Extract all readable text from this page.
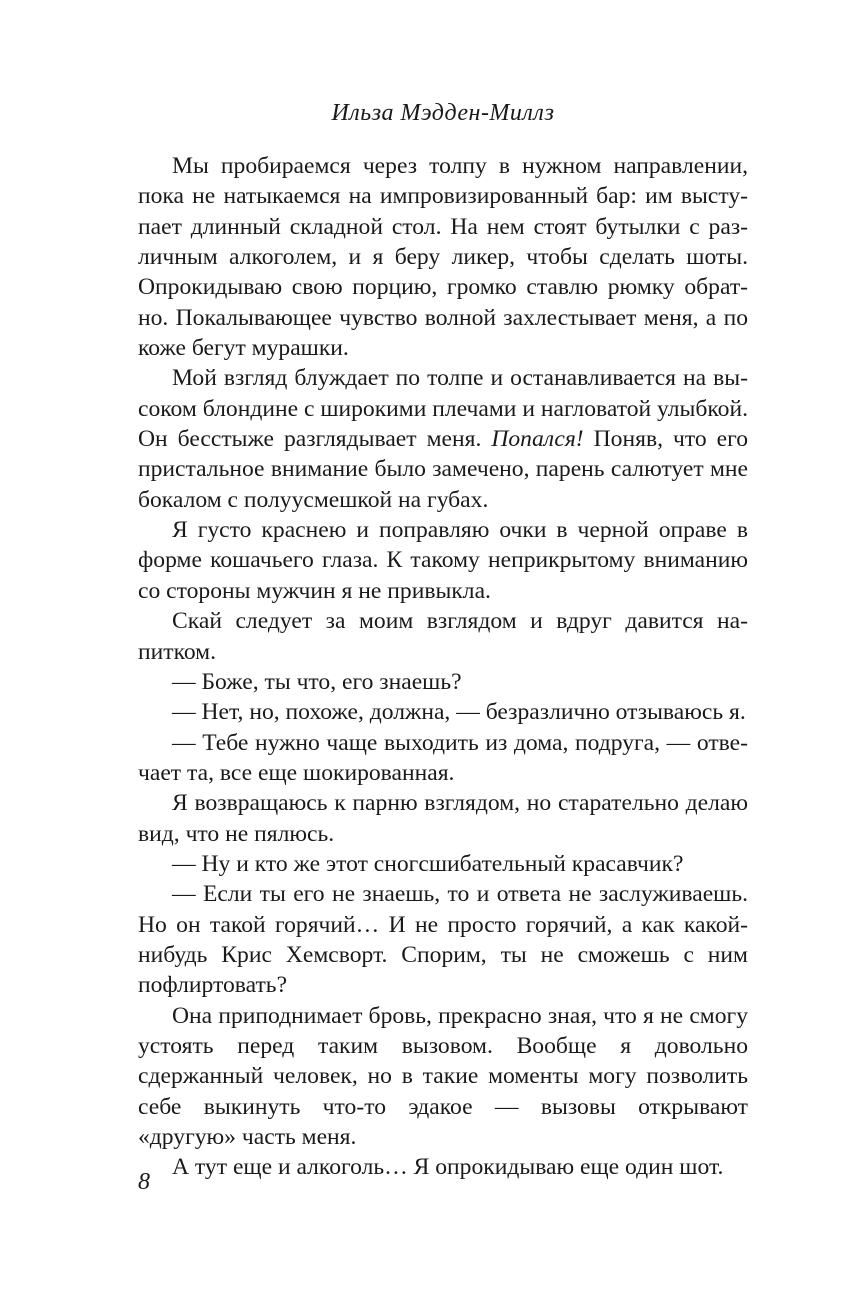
Ильза Мэдден-Миллз

Мы пробираемся через толпу в нужном направлении, пока не натыкаемся на импровизированный бар: им выступает длинный складной стол. На нем стоят бутылки с различным алкоголем, и я беру ликер, чтобы сделать шоты. Опрокидываю свою порцию, громко ставлю рюмку обратно. Покалывающее чувство волной захлестывает меня, а по коже бегут мурашки.

Мой взгляд блуждает по толпе и останавливается на высоком блондине с широкими плечами и нагловатой улыбкой. Он бесстыже разглядывает меня. Попался! Поняв, что его пристальное внимание было замечено, парень салютует мне бокалом с полуусмешкой на губах.

Я густо краснею и поправляю очки в черной оправе в форме кошачьего глаза. К такому неприкрытому вниманию со стороны мужчин я не привыкла.

Скай следует за моим взглядом и вдруг давится напитком.

— Боже, ты что, его знаешь?

— Нет, но, похоже, должна, — безразлично отзываюсь я.

— Тебе нужно чаще выходить из дома, подруга, — отвечает та, все еще шокированная.

Я возвращаюсь к парню взглядом, но старательно делаю вид, что не пялюсь.

— Ну и кто же этот сногсшибательный красавчик?

— Если ты его не знаешь, то и ответа не заслуживаешь. Но он такой горячий… И не просто горячий, а как какой-нибудь Крис Хемсворт. Спорим, ты не сможешь с ним пофлиртовать?

Она приподнимает бровь, прекрасно зная, что я не смогу устоять перед таким вызовом. Вообще я довольно сдержанный человек, но в такие моменты могу позволить себе выкинуть что-то эдакое — вызовы открывают «другую» часть меня.

А тут еще и алкоголь… Я опрокидываю еще один шот.

8
